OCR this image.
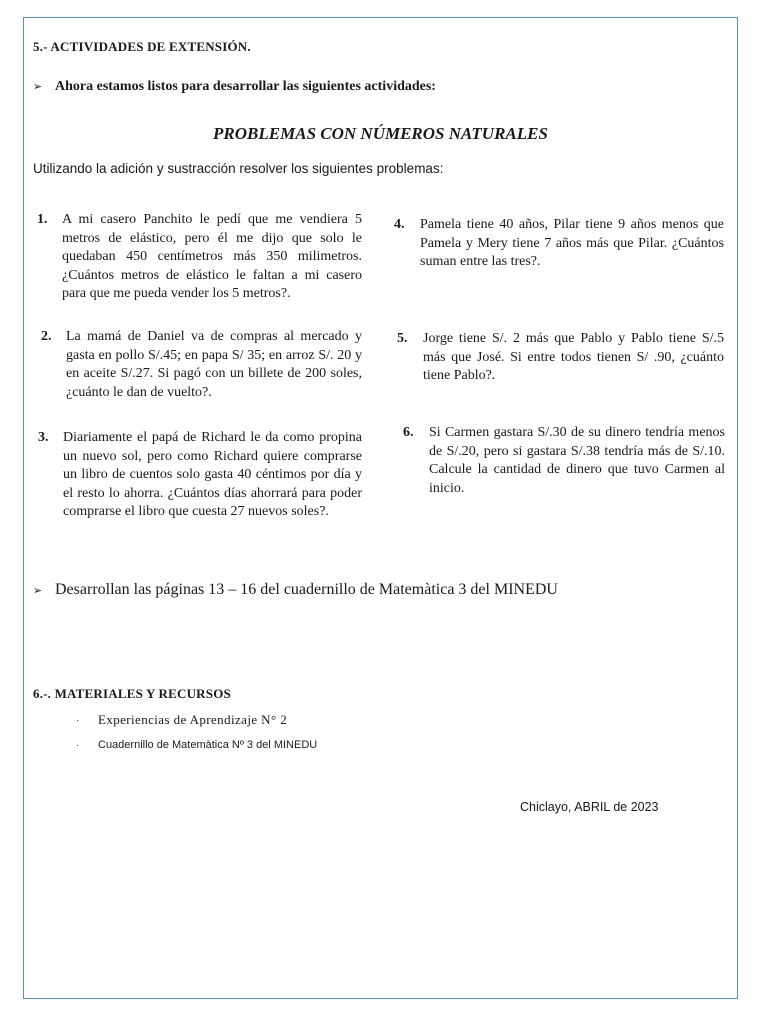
5.- ACTIVIDADES DE EXTENSIÓN.
➢ Ahora estamos listos para desarrollar las siguientes actividades:
PROBLEMAS CON NÚMEROS NATURALES
Utilizando la adición y sustracción resolver los siguientes problemas:
1.	A mi casero Panchito le pedí que me vendiera 5 metros de elástico, pero él me dijo que solo le quedaban 450 centímetros más 350 milimetros. ¿Cuántos metros de elástico le faltan a mi casero para que me pueda vender los 5 metros?.
2.	La mamá de Daniel va de compras al mercado y gasta en pollo S/.45; en papa S/ 35; en arroz S/. 20 y en aceite S/.27. Si pagó con un billete de 200 soles, ¿cuánto le dan de vuelto?.
3.	Diariamente el papá de Richard le da como propina un nuevo sol, pero como Richard quiere comprarse un libro de cuentos solo gasta 40 céntimos por día y el resto lo ahorra. ¿Cuántos días ahorrará para poder comprarse el libro que cuesta 27 nuevos soles?.
4.	Pamela tiene 40 años, Pilar tiene 9 años menos que Pamela y Mery tiene 7 años más que Pilar. ¿Cuántos suman entre las tres?.
5.	Jorge tiene S/. 2 más que Pablo y Pablo tiene S/.5 más que José. Si entre todos tienen S/ .90, ¿cuánto tiene Pablo?.
6.	Si Carmen gastara S/.30 de su dinero tendría menos de S/.20, pero si gastara S/.38 tendría más de S/.10. Calcule la cantidad de dinero que tuvo Carmen al inicio.
➢ Desarrollan las páginas 13 – 16 del cuadernillo de Matemàtica 3 del MINEDU
6.-. MATERIALES Y RECURSOS
· Experiencias de Aprendizaje N° 2
· Cuadernillo de Matemàtica Nº 3 del MINEDU
Chiclayo, ABRIL de 2023
